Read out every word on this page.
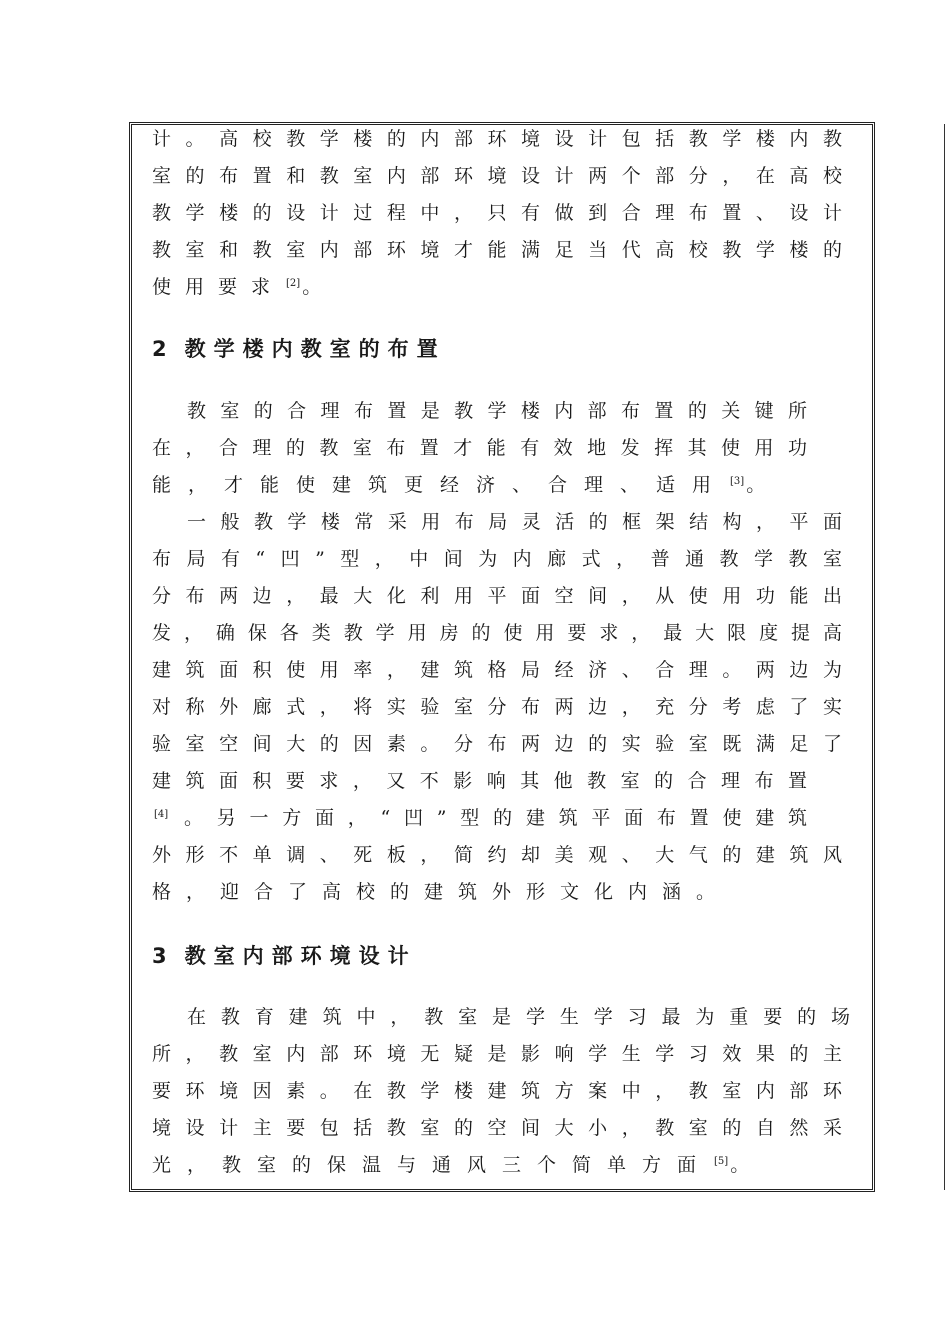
计。高校教学楼的内部环境设计包括教学楼内教
室的布置和教室内部环境设计两个部分，在高校
教学楼的设计过程中，只有做到合理布置、设计
教室和教室内部环境才能满足当代高校教学楼的
使用要求 [2] 。
2 教学楼内教室的布置
教室的合理布置是教学楼内部布置的关键所
在，合理的教室布置才能有效地发挥其使用功
能，才能使建筑更经济、合理、适用 [3] 。
一般教学楼常采用布局灵活的框架结构，平面
布局有“凹”型，中间为内廊式，普通教学教室
分布两边，最大化利用平面空间，从使用功能出
发，确保各类教学用房的使用要求，最大限度提高
建筑面积使用率，建筑格局经济、合理。两边为
对称外廊式，将实验室分布两边，充分考虑了实
验室空间大的因素。分布两边的实验室既满足了
建筑面积要求，又不影响其他教室的合理布置
[4] 。另一方面，“凹”型的建筑平面布置使建筑
外形不单调、死板，简约却美观、大气的建筑风
格，迎合了高校的建筑外形文化内涵。
3 教室内部环境设计
在教育建筑中，教室是学生学习最为重要的场
所，教室内部环境无疑是影响学生学习效果的主
要环境因素。在教学楼建筑方案中，教室内部环
境设计主要包括教室的空间大小，教室的自然采
光，教室的保温与通风三个简单方面 [5] 。
